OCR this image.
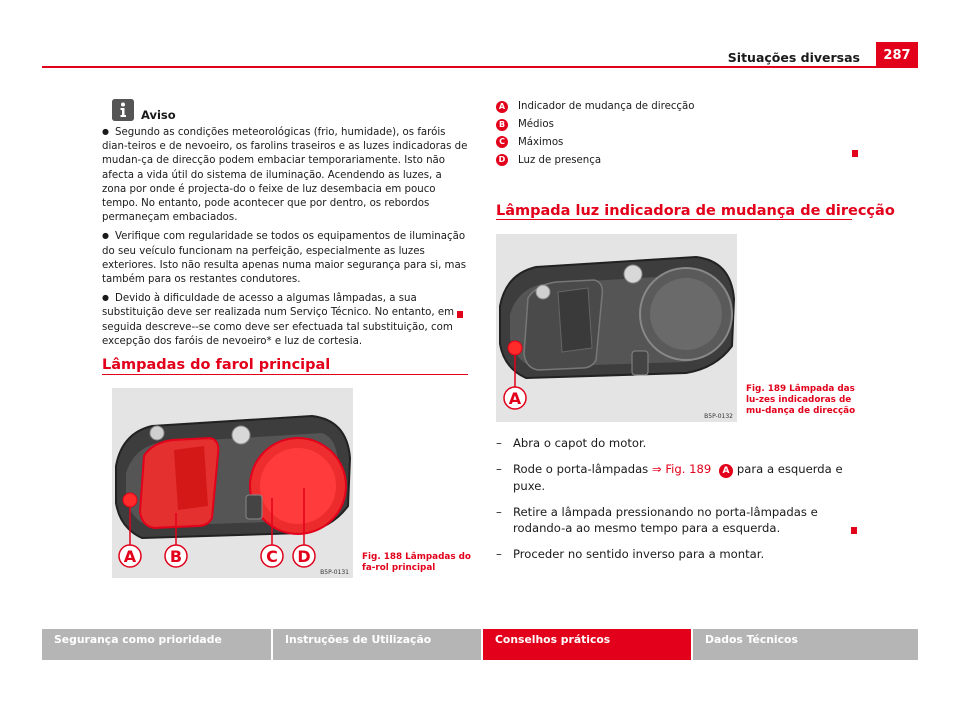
Situações diversas	287
Aviso

● Segundo as condições meteorológicas (frio, humidade), os faróis dian-teiros e de nevoeiro, os farolins traseiros e as luzes indicadoras de mudan-ça de direcção podem embaciar temporariamente. Isto não afecta a vida útil do sistema de iluminação. Acendendo as luzes, a zona por onde é projecta-do o feixe de luz desembacia em pouco tempo. No entanto, pode acontecer que por dentro, os rebordos permaneçam embaciados.

● Verifique com regularidade se todos os equipamentos de iluminação do seu veículo funcionam na perfeição, especialmente as luzes exteriores. Isto não resulta apenas numa maior segurança para si, mas também para os restantes condutores.

● Devido à dificuldade de acesso a algumas lâmpadas, a sua substituição deve ser realizada num Serviço Técnico. No entanto, em seguida descreve--se como deve ser efectuada tal substituição, com excepção dos faróis de nevoeiro* e luz de cortesia.

Lâmpadas do farol principal
A B	C D
B5P-0131
Fig. 188 Lâmpadas do fa-rol principal
A Indicador de mudança de direcção
B Médios
C	Máximos
D Luz de presença
Lâmpada luz indicadora de mudança de direcção
A
B5P-0132
Fig. 189 Lâmpada das lu-zes indicadoras de mu-dança de direcção
– Abra o capot do motor.
– Rode o porta-lâmpadas ⇒ Fig. 189 A para a esquerda e puxe.
– Retire a lâmpada pressionando no porta-lâmpadas e rodando-a ao mesmo tempo para a esquerda.
– Proceder no sentido inverso para a montar.
Segurança como prioridade	Instruções de Utilização	Conselhos práticos	Dados Técnicos
